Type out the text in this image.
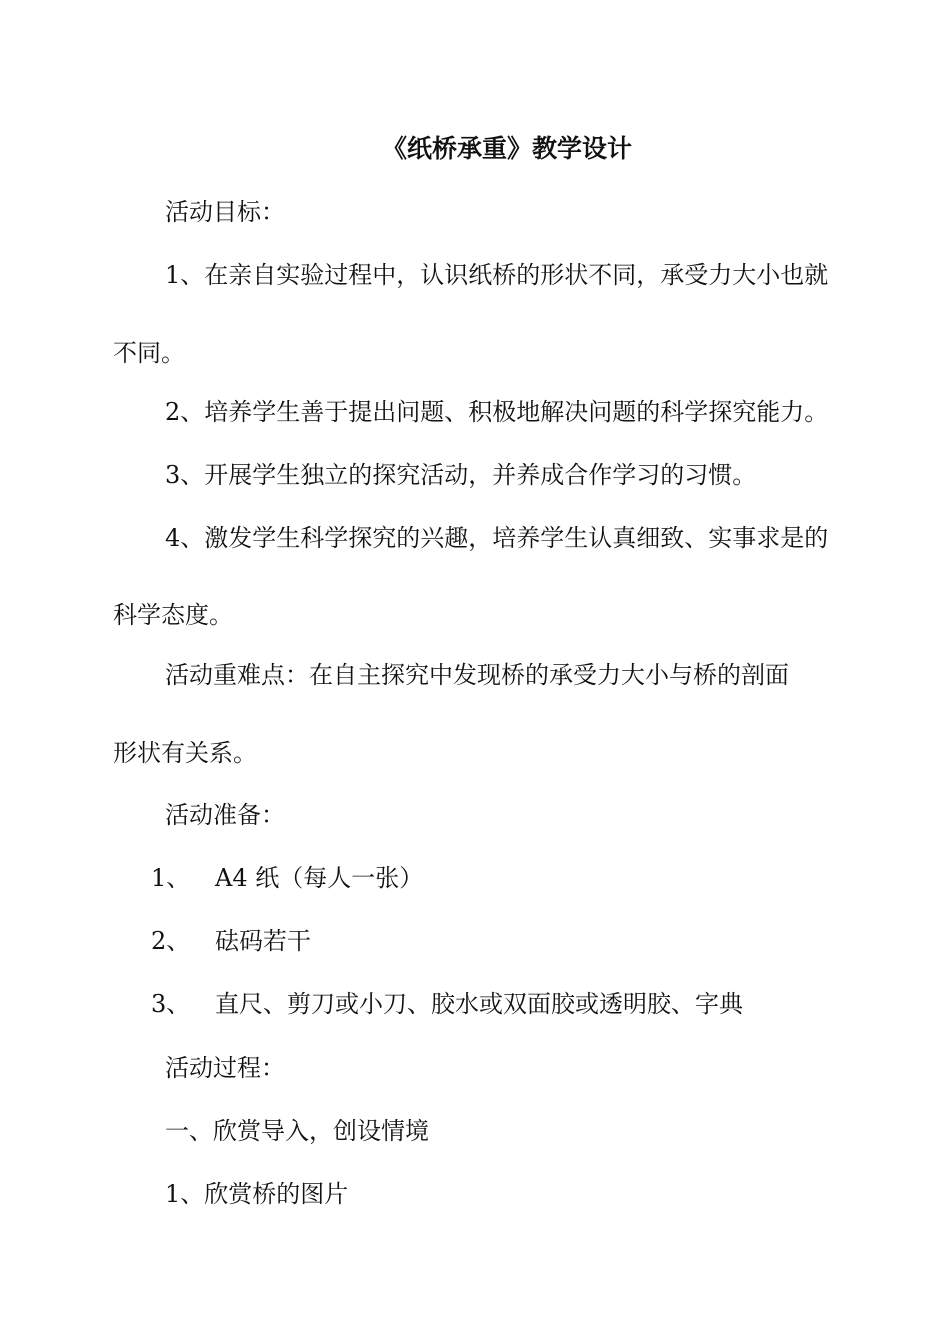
《纸桥承重》教学设计
活动目标：
1、在亲自实验过程中，认识纸桥的形状不同，承受力大小也就
不同。
2、培养学生善于提出问题、积极地解决问题的科学探究能力。
3、开展学生独立的探究活动，并养成合作学习的习惯。
4、激发学生科学探究的兴趣，培养学生认真细致、实事求是的
科学态度。
活动重难点：在自主探究中发现桥的承受力大小与桥的剖面
形状有关系。
活动准备：
1、 A4 纸（每人一张）
2、 砝码若干
3、 直尺、剪刀或小刀、胶水或双面胶或透明胶、字典
活动过程：
一、欣赏导入，创设情境
1、欣赏桥的图片
